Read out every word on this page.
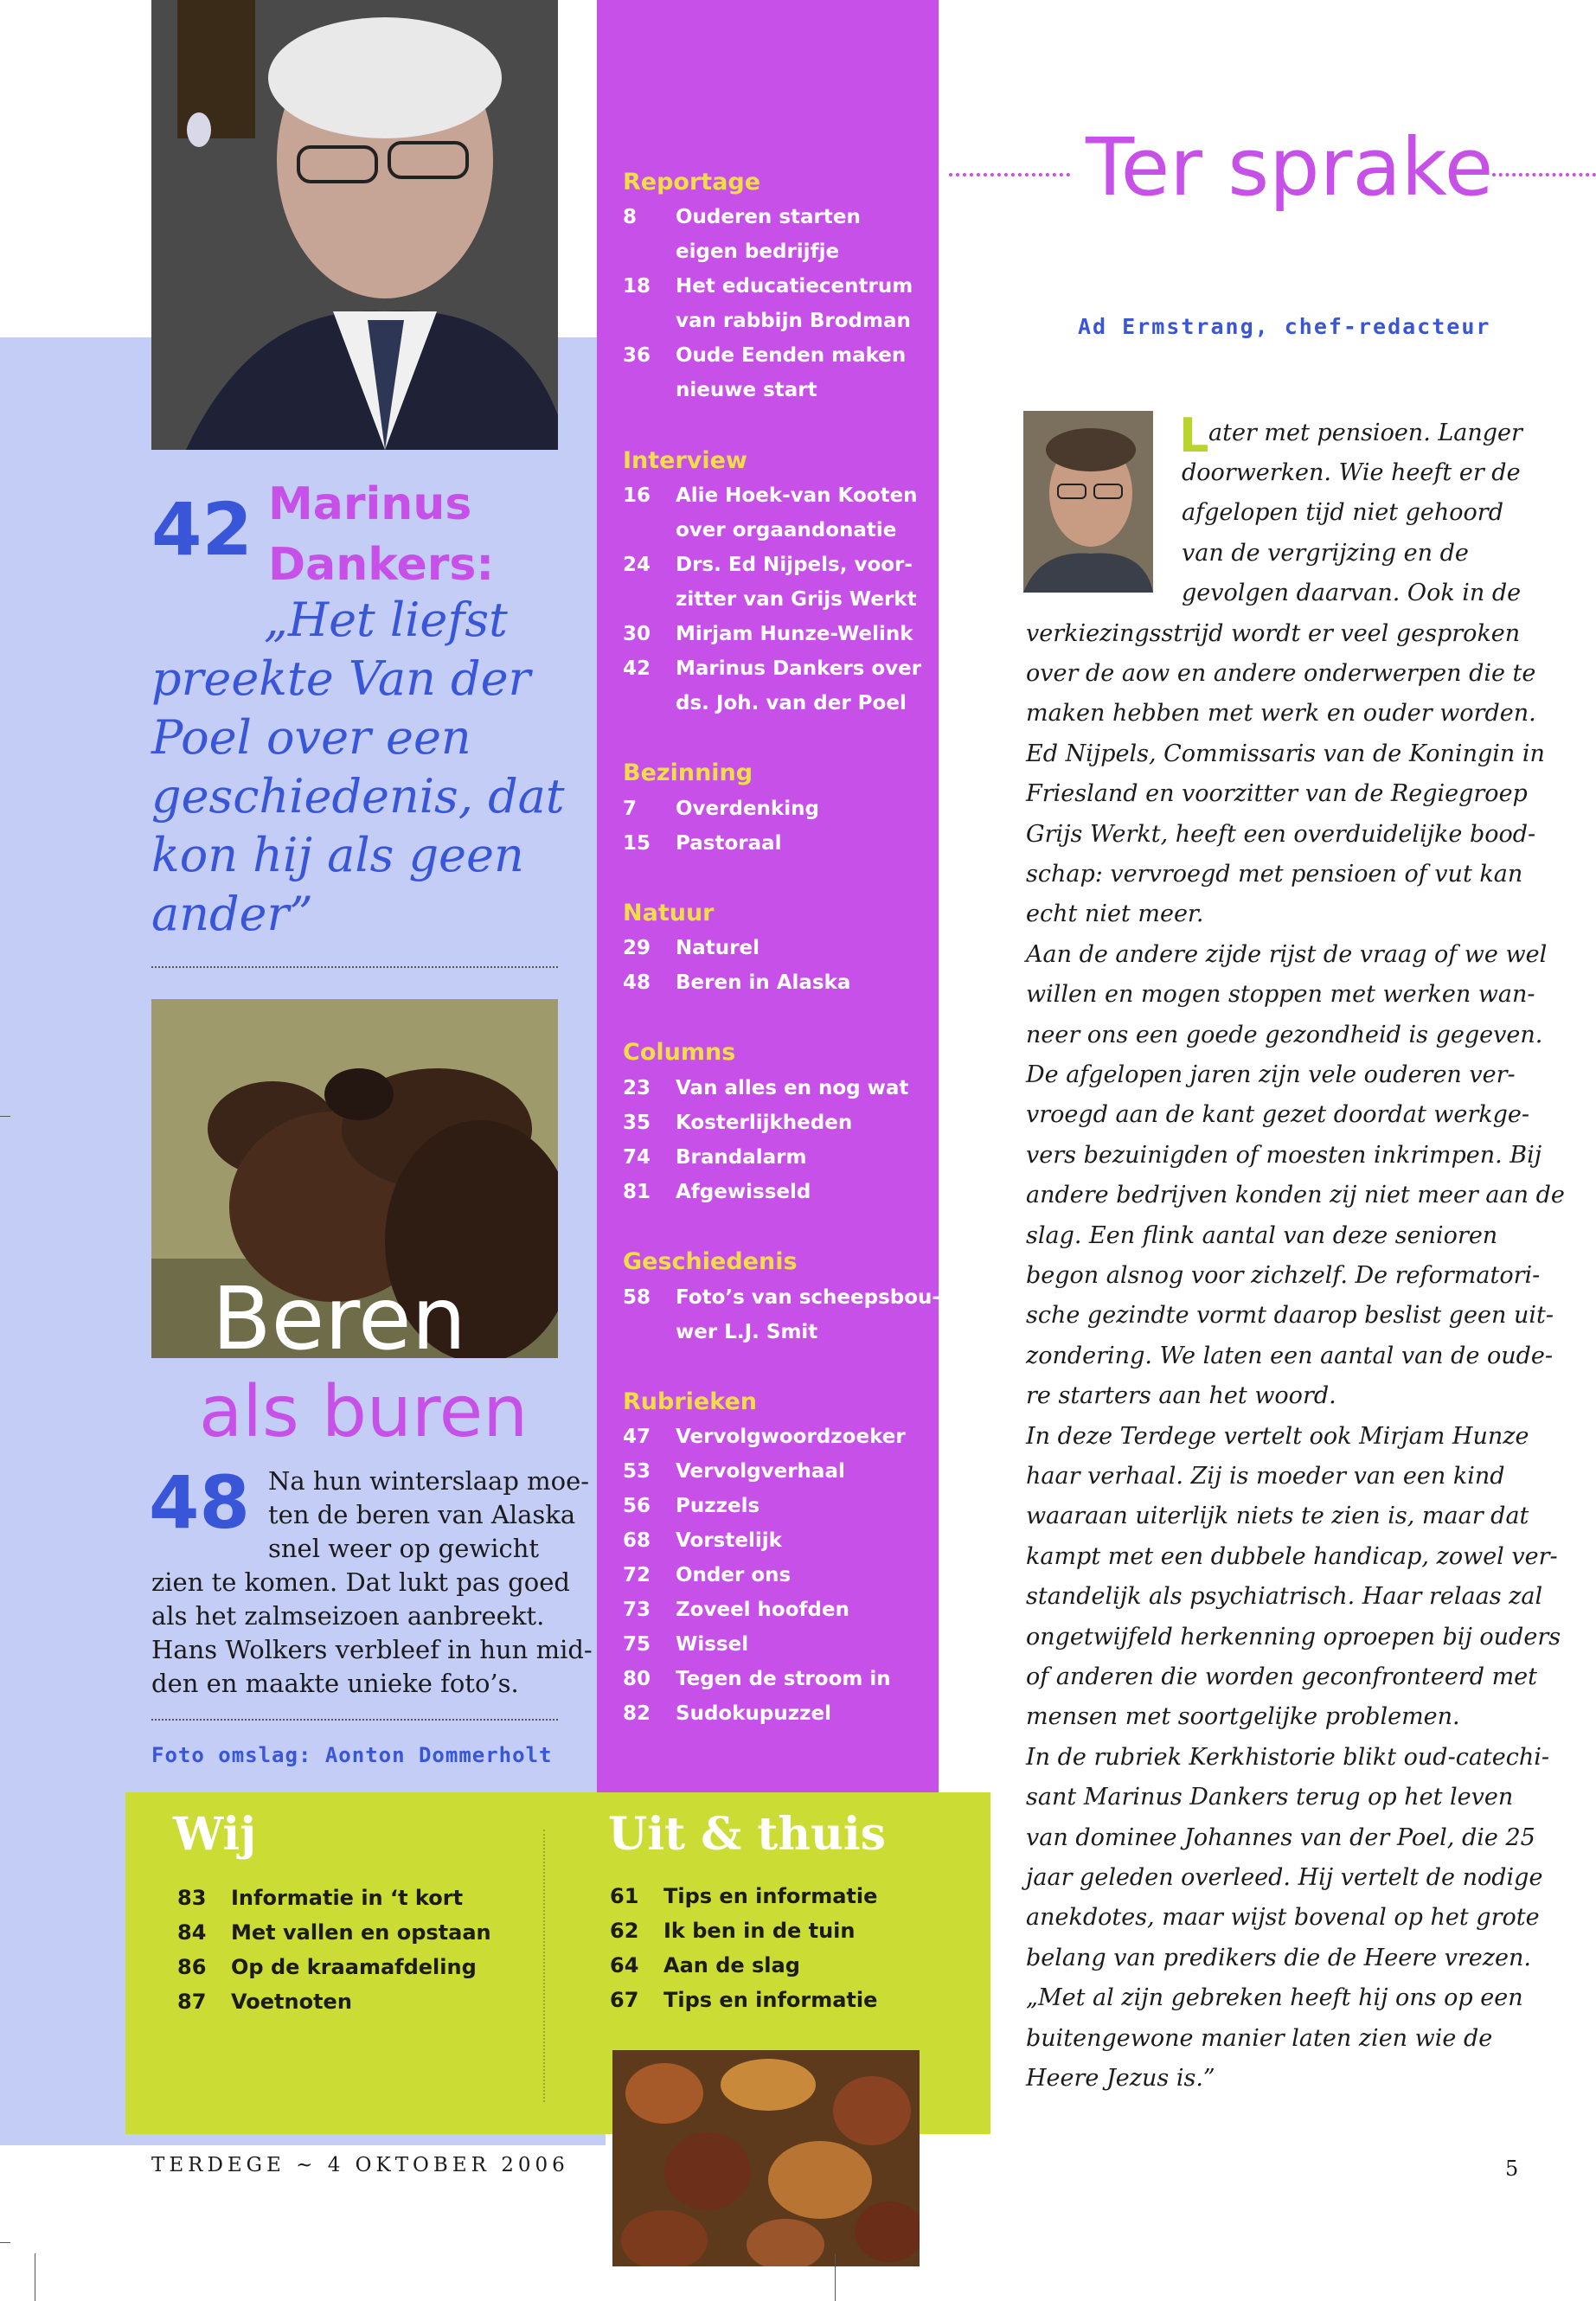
42 Marinus
Dankers:
„Het liefst
preekte Van der
Poel over een
geschiedenis, dat
kon hij als geen
ander”
Beren
als buren
48 Na hun winterslaap moe-
ten de beren van Alaska
snel weer op gewicht
zien te komen. Dat lukt pas goed
als het zalmseizoen aanbreekt.
Hans Wolkers verbleef in hun mid-
den en maakte unieke foto’s.
Foto omslag: Aonton Dommerholt
Reportage
8	Ouderen starten
eigen bedrijfje
18	Het educatiecentrum
van rabbijn Brodman
36	Oude Eenden maken
nieuwe start
Interview
16	Alie Hoek-van Kooten
over orgaandonatie
24	Drs. Ed Nijpels, voor-
zitter van Grijs Werkt
30	Mirjam Hunze-Welink
42	Marinus Dankers over
ds. Joh. van der Poel
Bezinning
7	Overdenking
15	Pastoraal
Natuur
29	Naturel
48	Beren in Alaska
Columns
23	Van alles en nog wat
35	Kosterlijkheden
74	Brandalarm
81	Afgewisseld
Geschiedenis
58	Foto’s van scheepsbou-
wer L.J. Smit
Rubrieken
47	Vervolgwoordzoeker
53	Vervolgverhaal
56	Puzzels
68	Vorstelijk
72	Onder ons
73	Zoveel hoofden
75	Wissel
80	Tegen de stroom in
82	Sudokupuzzel
Wij
83	Informatie in ‘t kort
84	Met vallen en opstaan
86	Op de kraamafdeling
87	Voetnoten
Uit & thuis
61	Tips en informatie
62	Ik ben in de tuin
64	Aan de slag
67	Tips en informatie
TERDEGE ~ 4 OKTOBER 2006	5
Ter sprake
Ad Ermstrang, chef-redacteur
L ater met pensioen. Langer
doorwerken. Wie heeft er de
afgelopen tijd niet gehoord
van de vergrijzing en de
gevolgen daarvan. Ook in de
verkiezingsstrijd wordt er veel gesproken
over de aow en andere onderwerpen die te
maken hebben met werk en ouder worden.
Ed Nijpels, Commissaris van de Koningin in
Friesland en voorzitter van de Regiegroep
Grijs Werkt, heeft een overduidelijke bood-
schap: vervroegd met pensioen of vut kan
echt niet meer.
Aan de andere zijde rijst de vraag of we wel
willen en mogen stoppen met werken wan-
neer ons een goede gezondheid is gegeven.
De afgelopen jaren zijn vele ouderen ver-
vroegd aan de kant gezet doordat werkge-
vers bezuinigden of moesten inkrimpen. Bij
andere bedrijven konden zij niet meer aan de
slag. Een flink aantal van deze senioren
begon alsnog voor zichzelf. De reformatori-
sche gezindte vormt daarop beslist geen uit-
zondering. We laten een aantal van de oude-
re starters aan het woord.
In deze Terdege vertelt ook Mirjam Hunze
haar verhaal. Zij is moeder van een kind
waaraan uiterlijk niets te zien is, maar dat
kampt met een dubbele handicap, zowel ver-
standelijk als psychiatrisch. Haar relaas zal
ongetwijfeld herkenning oproepen bij ouders
of anderen die worden geconfronteerd met
mensen met soortgelijke problemen.
In de rubriek Kerkhistorie blikt oud-catechi-
sant Marinus Dankers terug op het leven
van dominee Johannes van der Poel, die 25
jaar geleden overleed. Hij vertelt de nodige
anekdotes, maar wijst bovenal op het grote
belang van predikers die de Heere vrezen.
„Met al zijn gebreken heeft hij ons op een
buitengewone manier laten zien wie de
Heere Jezus is.”
